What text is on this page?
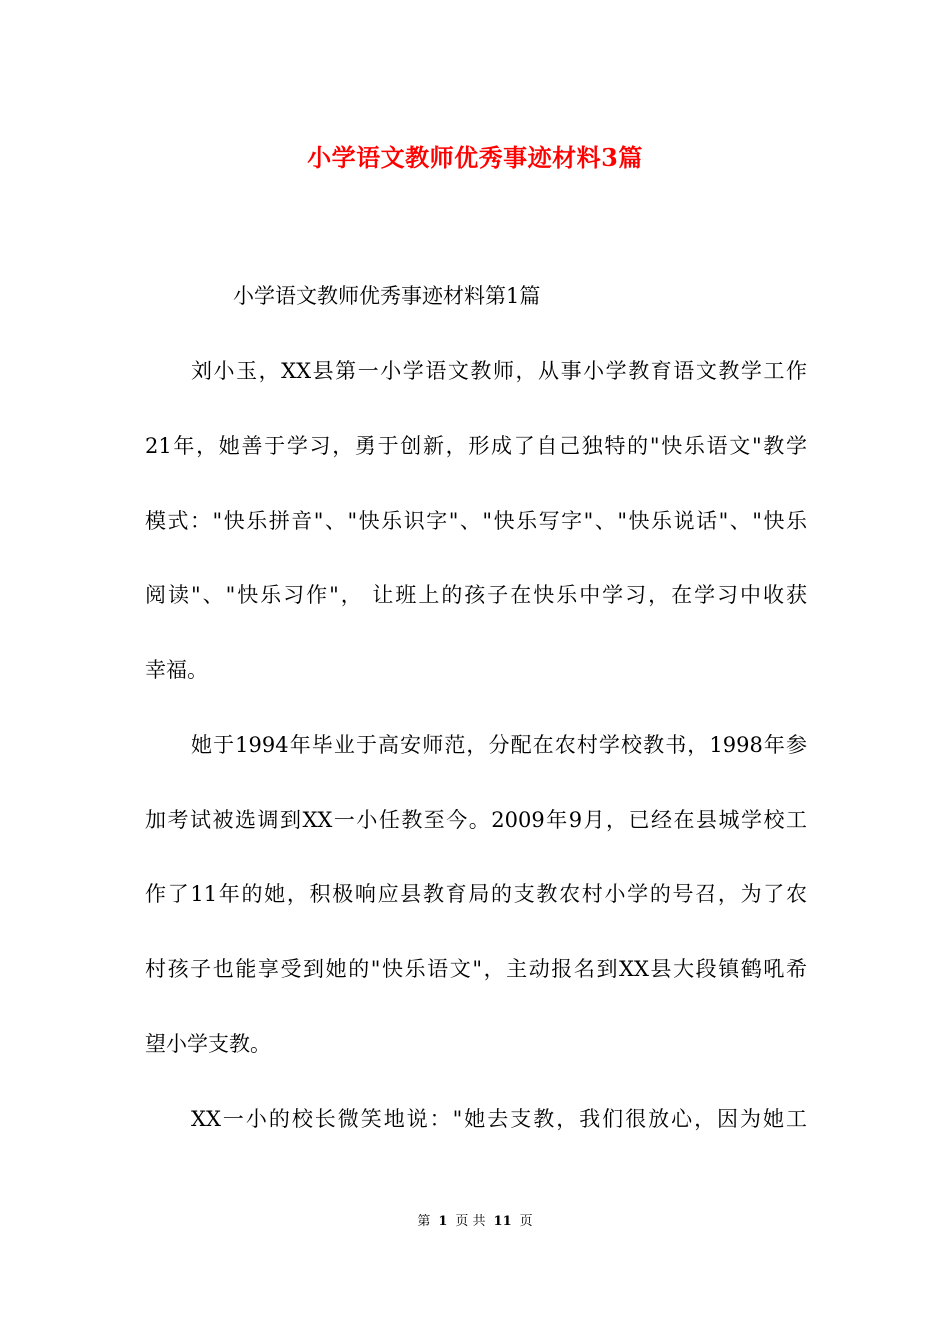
小学语文教师优秀事迹材料3篇
小学语文教师优秀事迹材料第1篇
刘小玉，XX县第一小学语文教师，从事小学教育语文教学工作
21年，她善于学习，勇于创新，形成了自己独特的"快乐语文"教学
模式："快乐拼音"、"快乐识字"、"快乐写字"、"快乐说话"、"快乐
阅读"、"快乐习作"， 让班上的孩子在快乐中学习，在学习中收获
幸福。
她于1994年毕业于高安师范，分配在农村学校教书，1998年参
加考试被选调到XX一小任教至今。2009年9月，已经在县城学校工
作了11年的她，积极响应县教育局的支教农村小学的号召，为了农
村孩子也能享受到她的"快乐语文"，主动报名到XX县大段镇鹤吼希
望小学支教。
XX一小的校长微笑地说："她去支教，我们很放心，因为她工
第 1 页 共 11 页
